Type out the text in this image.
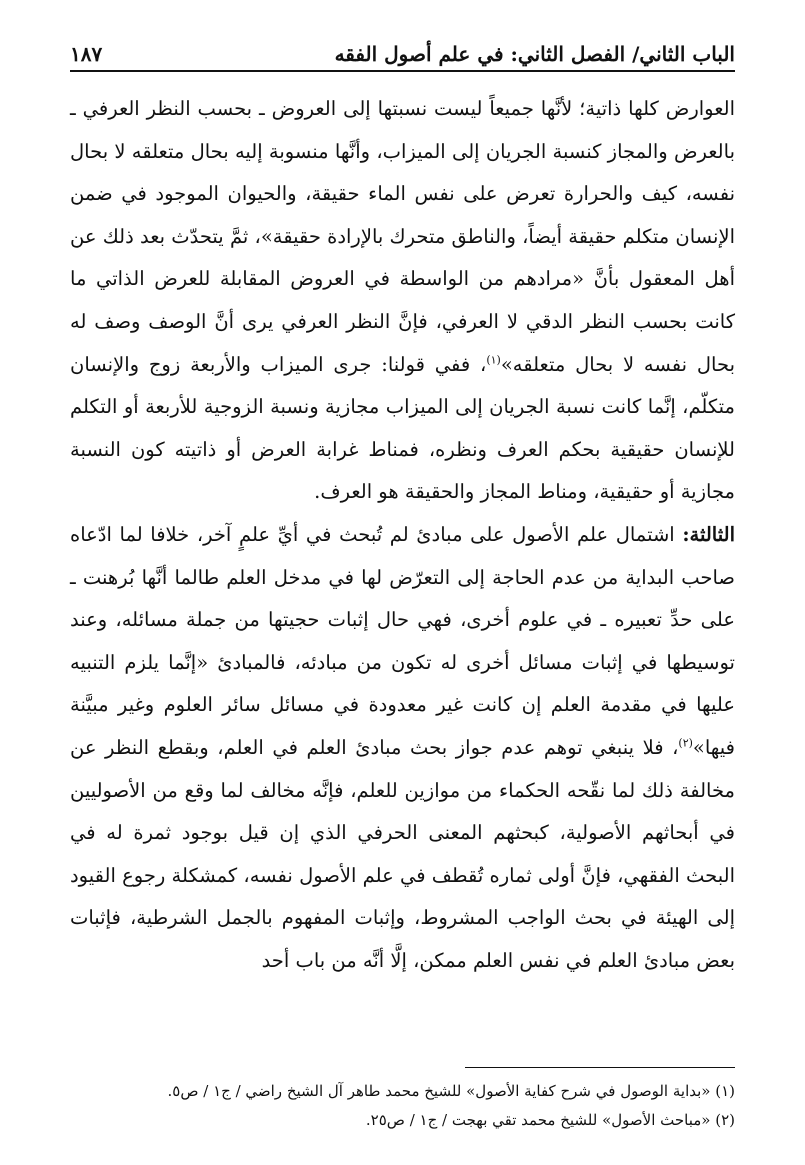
الباب الثاني/ الفصل الثاني: في علم أصول الفقه
١٨٧

العوارض كلها ذاتية؛ لأنَّها جميعاً ليست نسبتها إلى العروض ـ بحسب النظر العرفي ـ بالعرض والمجاز كنسبة الجريان إلى الميزاب، وأنَّها منسوبة إليه بحال متعلقه لا بحال نفسه، كيف والحرارة تعرض على نفس الماء حقيقة، والحيوان الموجود في ضمن الإنسان متكلم حقيقة أيضاً، والناطق متحرك بالإرادة حقيقة»، ثمَّ يتحدّث بعد ذلك عن أهل المعقول بأنَّ «مرادهم من الواسطة في العروض المقابلة للعرض الذاتي ما كانت بحسب النظر الدقي لا العرفي، فإنَّ النظر العرفي يرى أنَّ الوصف وصف له بحال نفسه لا بحال متعلقه»$^{(١)}$، ففي قولنا: جرى الميزاب والأربعة زوج والإنسان متكلّم، إنَّما كانت نسبة الجريان إلى الميزاب مجازية ونسبة الزوجية للأربعة أو التكلم للإنسان حقيقية بحكم العرف ونظره، فمناط غرابة العرض أو ذاتيته كون النسبة مجازية أو حقيقية، ومناط المجاز والحقيقة هو العرف.

الثالثة: اشتمال علم الأصول على مبادئ لم تُبحث في أيِّ علمٍ آخر، خلافا لما ادّعاه صاحب البداية من عدم الحاجة إلى التعرّض لها في مدخل العلم طالما أنَّها بُرهنت ـ على حدِّ تعبيره ـ في علوم أخرى، فهي حال إثبات حجيتها من جملة مسائله، وعند توسيطها في إثبات مسائل أخرى له تكون من مبادئه، فالمبادئ «إنَّما يلزم التنبيه عليها في مقدمة العلم إن كانت غير معدودة في مسائل سائر العلوم وغير مبيَّنة فيها»$^{(٢)}$، فلا ينبغي توهم عدم جواز بحث مبادئ العلم في العلم، وبقطع النظر عن مخالفة ذلك لما نقّحه الحكماء من موازين للعلم، فإنَّه مخالف لما وقع من الأصوليين في أبحاثهم الأصولية، كبحثهم المعنى الحرفي الذي إن قيل بوجود ثمرة له في البحث الفقهي، فإنَّ أولى ثماره تُقطف في علم الأصول نفسه، كمشكلة رجوع القيود إلى الهيئة في بحث الواجب المشروط، وإثبات المفهوم بالجمل الشرطية، فإثبات بعض مبادئ العلم في نفس العلم ممكن، إلَّا أنَّه من باب أحد

(١) «بداية الوصول في شرح كفاية الأصول» للشيخ محمد طاهر آل الشيخ راضي / ج١ / ص٥.
(٢) «مباحث الأصول» للشيخ محمد تقي بهجت / ج١ / ص٢٥.
